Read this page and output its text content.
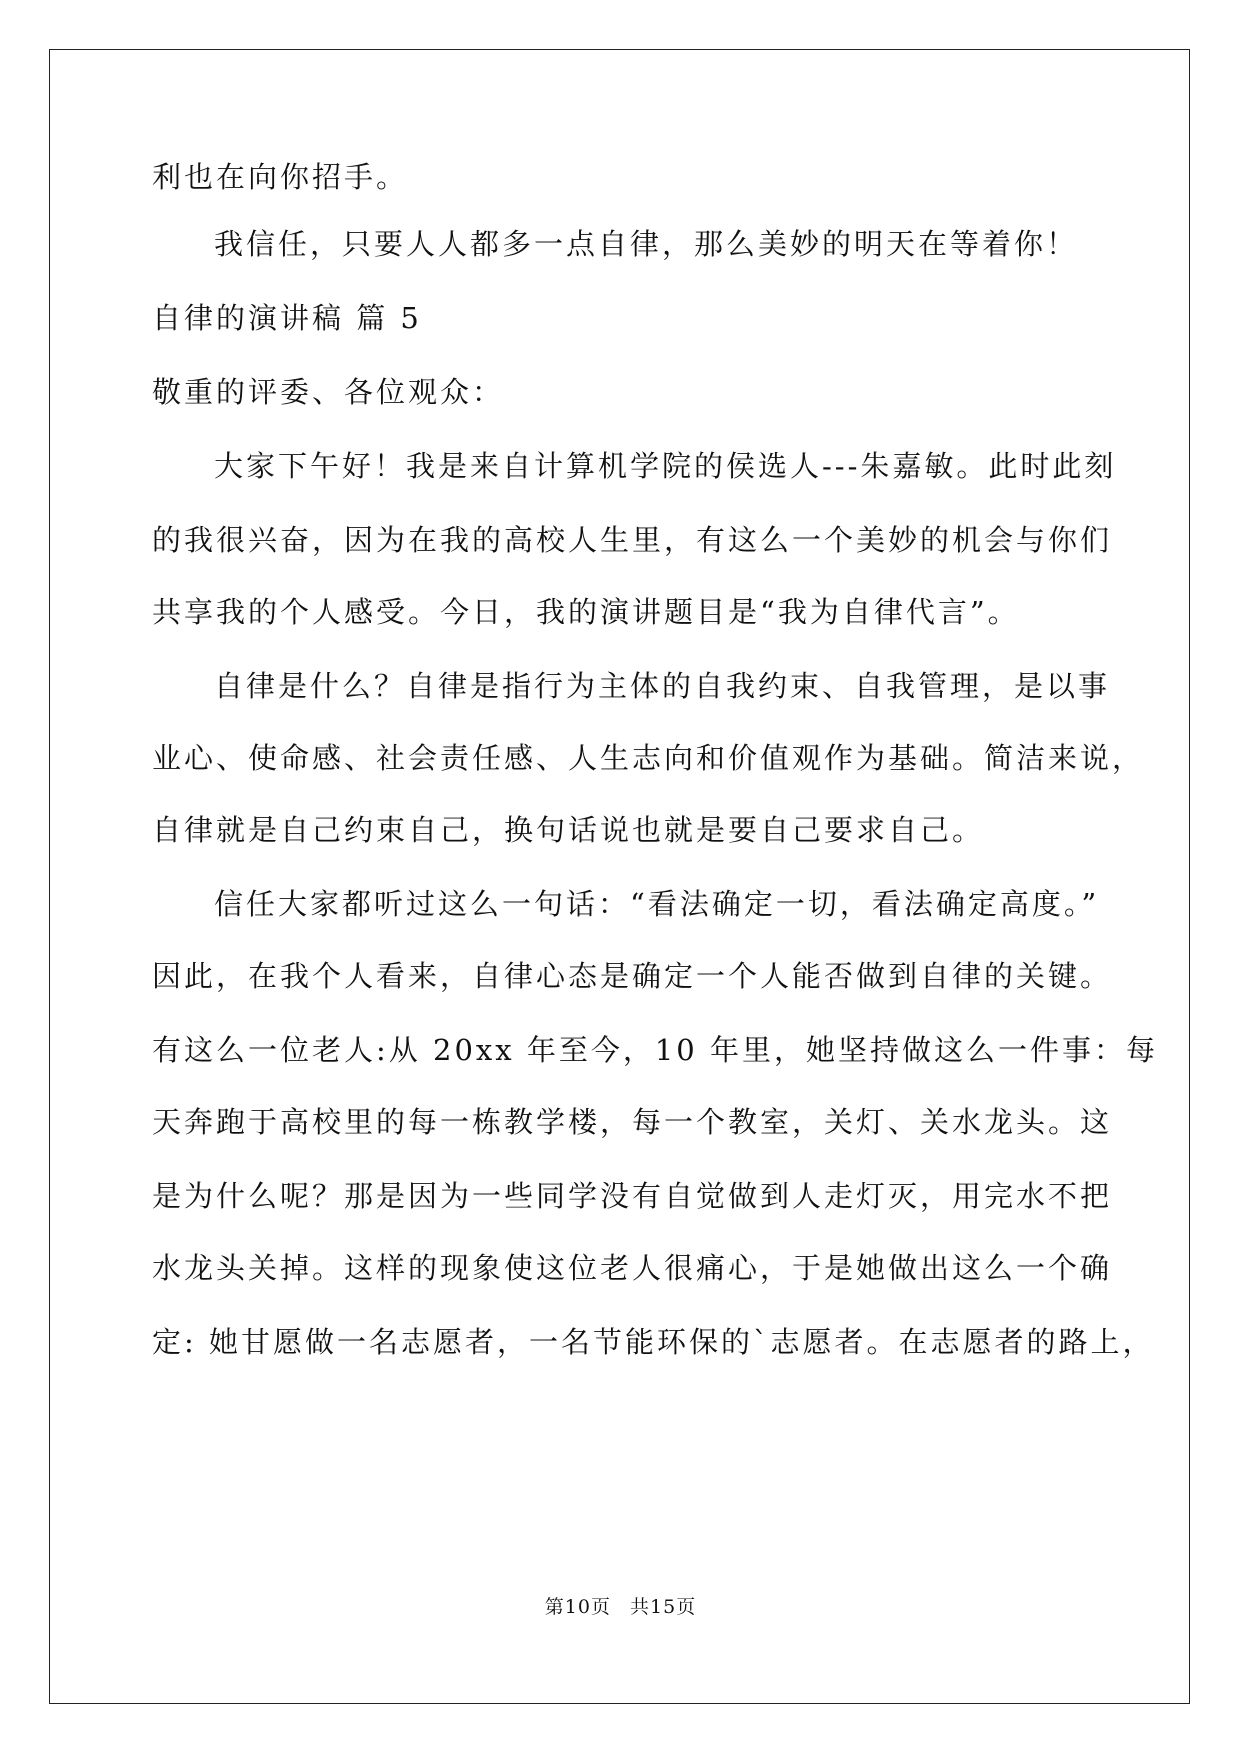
利也在向你招手。
我信任，只要人人都多一点自律，那么美妙的明天在等着你！
自律的演讲稿 篇 5
敬重的评委、各位观众：
大家下午好！我是来自计算机学院的侯选人---朱嘉敏。此时此刻
的我很兴奋，因为在我的高校人生里，有这么一个美妙的机会与你们
共享我的个人感受。今日，我的演讲题目是“我为自律代言”。
自律是什么？自律是指行为主体的自我约束、自我管理，是以事
业心、使命感、社会责任感、人生志向和价值观作为基础。简洁来说，
自律就是自己约束自己，换句话说也就是要自己要求自己。
信任大家都听过这么一句话：“看法确定一切，看法确定高度。”
因此，在我个人看来，自律心态是确定一个人能否做到自律的关键。
有这么一位老人:从 20xx 年至今，10 年里，她坚持做这么一件事：每
天奔跑于高校里的每一栋教学楼，每一个教室，关灯、关水龙头。这
是为什么呢？那是因为一些同学没有自觉做到人走灯灭，用完水不把
水龙头关掉。这样的现象使这位老人很痛心，于是她做出这么一个确
定: 她甘愿做一名志愿者，一名节能环保的`志愿者。在志愿者的路上，
第10页 共15页
